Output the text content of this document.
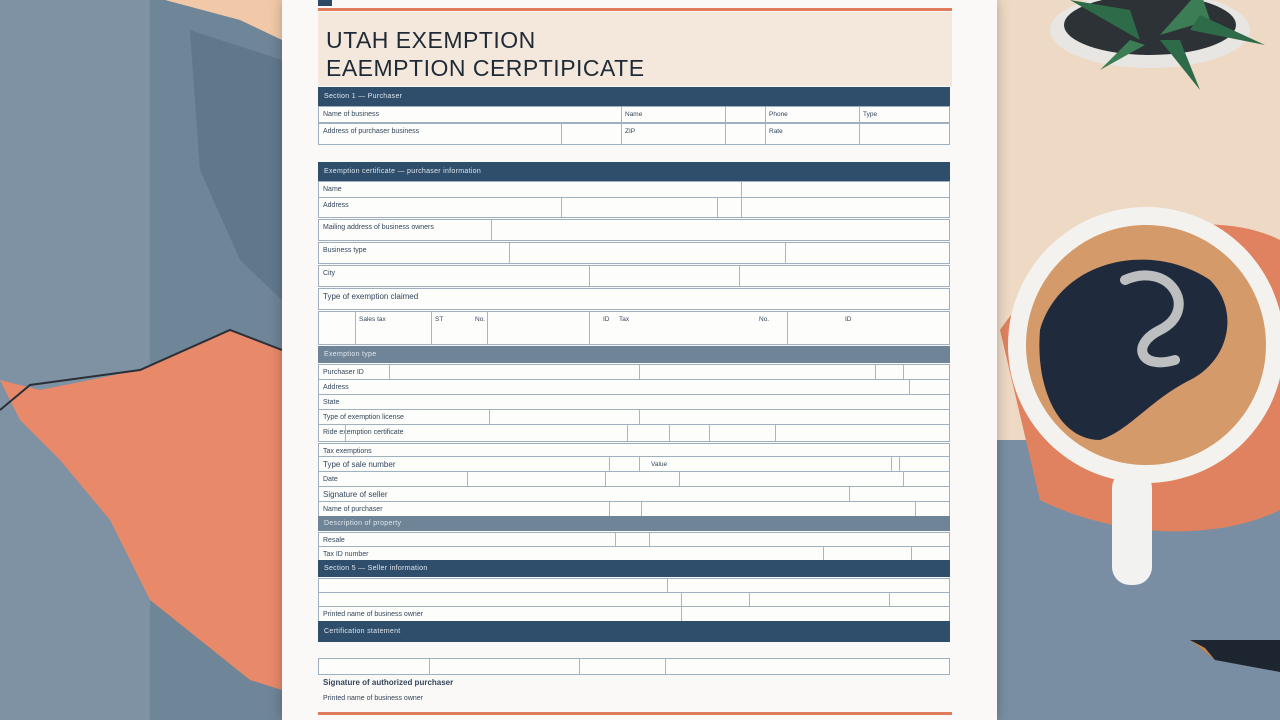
UTAH EXEMPTION
EAEMPTION CERPTIPICATE
Section 1 — Purchaser
Name of business	Name	Phone	Type
Address of purchaser business	ZIP	Rate
Exemption certificate — purchaser information
Name
Address
Mailing address of business owners
Business type
City
Type of exemption claimed
Sales tax	ST	No.	ID Tax	No.	ID
Exemption type
Purchaser ID
Address
State
Type of exemption license
Ride exemption certificate
Tax exemptions
Type of sale number	Value
Date
Signature of seller
Name of purchaser
Description of property
Resale
Tax ID number
Section 5 — Seller information
Printed name of business owner
Certification statement
Signature of authorized purchaser
Printed name of business owner
